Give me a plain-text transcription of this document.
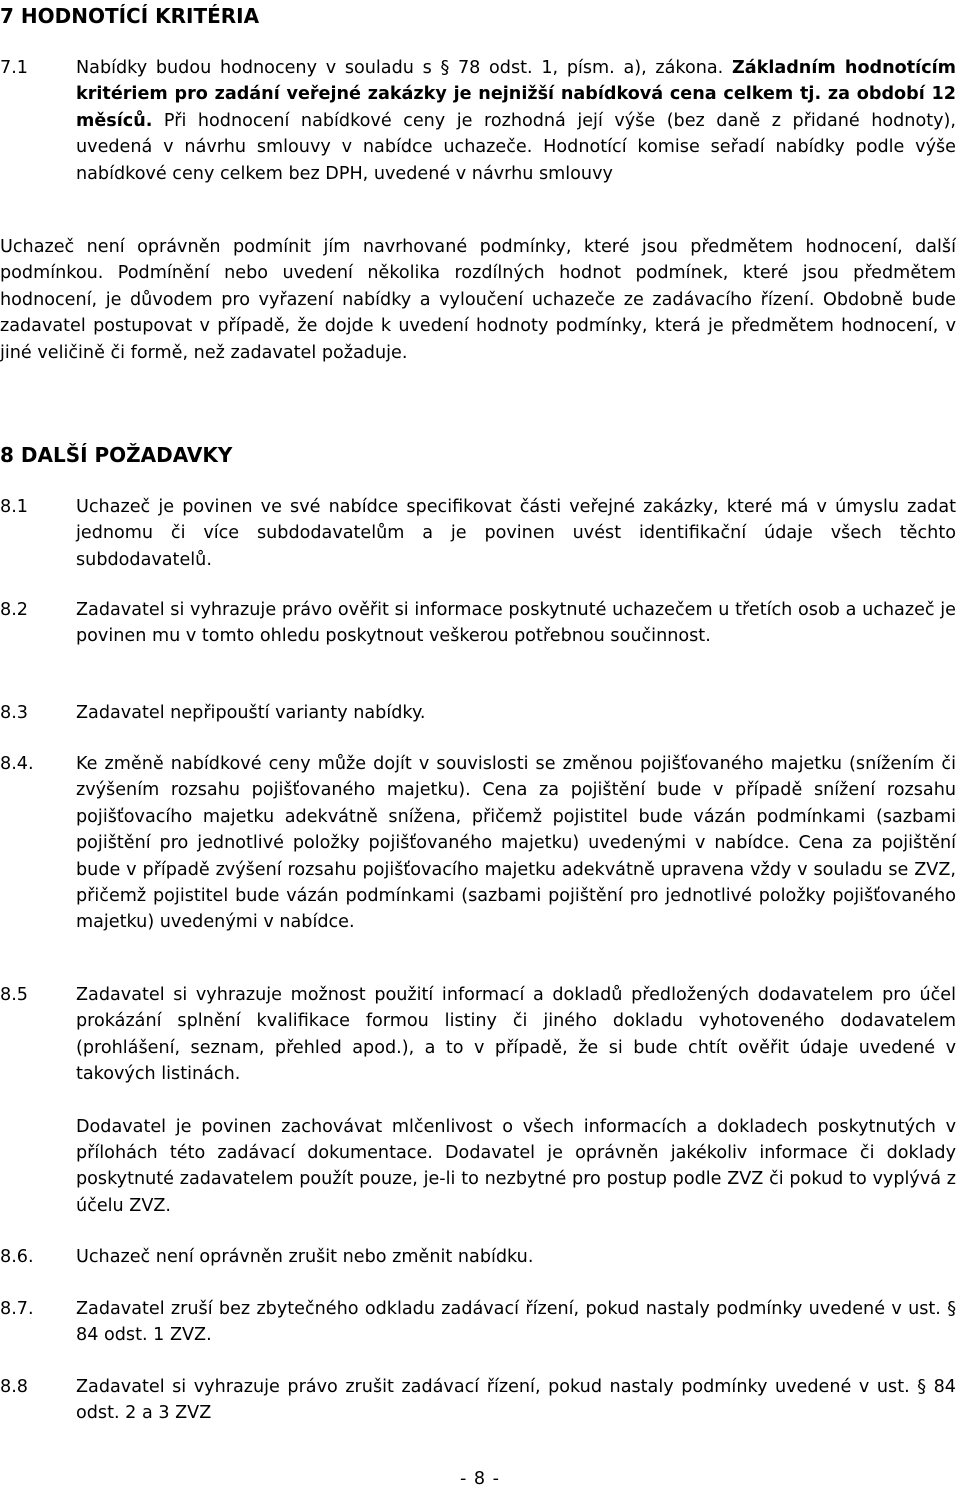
7 HODNOTÍCÍ KRITÉRIA
7.1	Nabídky budou hodnoceny v souladu s § 78 odst. 1, písm. a), zákona. Základním hodnotícím kritériem pro zadání veřejné zakázky je nejnižší nabídková cena celkem tj. za období 12 měsíců. Při hodnocení nabídkové ceny je rozhodná její výše (bez daně z přidané hodnoty), uvedená v návrhu smlouvy v nabídce uchazeče. Hodnotící komise seřadí nabídky podle výše nabídkové ceny celkem bez DPH, uvedené v návrhu smlouvy
Uchazeč není oprávněn podmínit jím navrhované podmínky, které jsou předmětem hodnocení, další podmínkou. Podmínění nebo uvedení několika rozdílných hodnot podmínek, které jsou předmětem hodnocení, je důvodem pro vyřazení nabídky a vyloučení uchazeče ze zadávacího řízení. Obdobně bude zadavatel postupovat v případě, že dojde k uvedení hodnoty podmínky, která je předmětem hodnocení, v jiné veličině či formě, než zadavatel požaduje.
8 DALŠÍ POŽADAVKY
8.1	Uchazeč je povinen ve své nabídce specifikovat části veřejné zakázky, které má v úmyslu zadat jednomu či více subdodavatelům a je povinen uvést identifikační údaje všech těchto subdodavatelů.
8.2	Zadavatel si vyhrazuje právo ověřit si informace poskytnuté uchazečem u třetích osob a uchazeč je povinen mu v tomto ohledu poskytnout veškerou potřebnou součinnost.
8.3	Zadavatel nepřipouští varianty nabídky.
8.4.	Ke změně nabídkové ceny může dojít v souvislosti se změnou pojišťovaného majetku (snížením či zvýšením rozsahu pojišťovaného majetku). Cena za pojištění bude v případě snížení rozsahu pojišťovacího majetku adekvátně snížena, přičemž pojistitel bude vázán podmínkami (sazbami pojištění pro jednotlivé položky pojišťovaného majetku) uvedenými v nabídce. Cena za pojištění bude v případě zvýšení rozsahu pojišťovacího majetku adekvátně upravena vždy v souladu se ZVZ, přičemž pojistitel bude vázán podmínkami (sazbami pojištění pro jednotlivé položky pojišťovaného majetku) uvedenými v nabídce.
8.5	Zadavatel si vyhrazuje možnost použití informací a dokladů předložených dodavatelem pro účel prokázání splnění kvalifikace formou listiny či jiného dokladu vyhotoveného dodavatelem (prohlášení, seznam, přehled apod.), a to v případě, že si bude chtít ověřit údaje uvedené v takových listinách.

Dodavatel je povinen zachovávat mlčenlivost o všech informacích a dokladech poskytnutých v přílohách této zadávací dokumentace. Dodavatel je oprávněn jakékoliv informace či doklady poskytnuté zadavatelem použít pouze, je-li to nezbytné pro postup podle ZVZ či pokud to vyplývá z účelu ZVZ.

8.6.	Uchazeč není oprávněn zrušit nebo změnit nabídku.
8.7.	Zadavatel zruší bez zbytečného odkladu zadávací řízení, pokud nastaly podmínky uvedené v ust. § 84 odst. 1 ZVZ.
8.8	Zadavatel si vyhrazuje právo zrušit zadávací řízení, pokud nastaly podmínky uvedené v ust. § 84 odst. 2 a 3 ZVZ
- 8 -
